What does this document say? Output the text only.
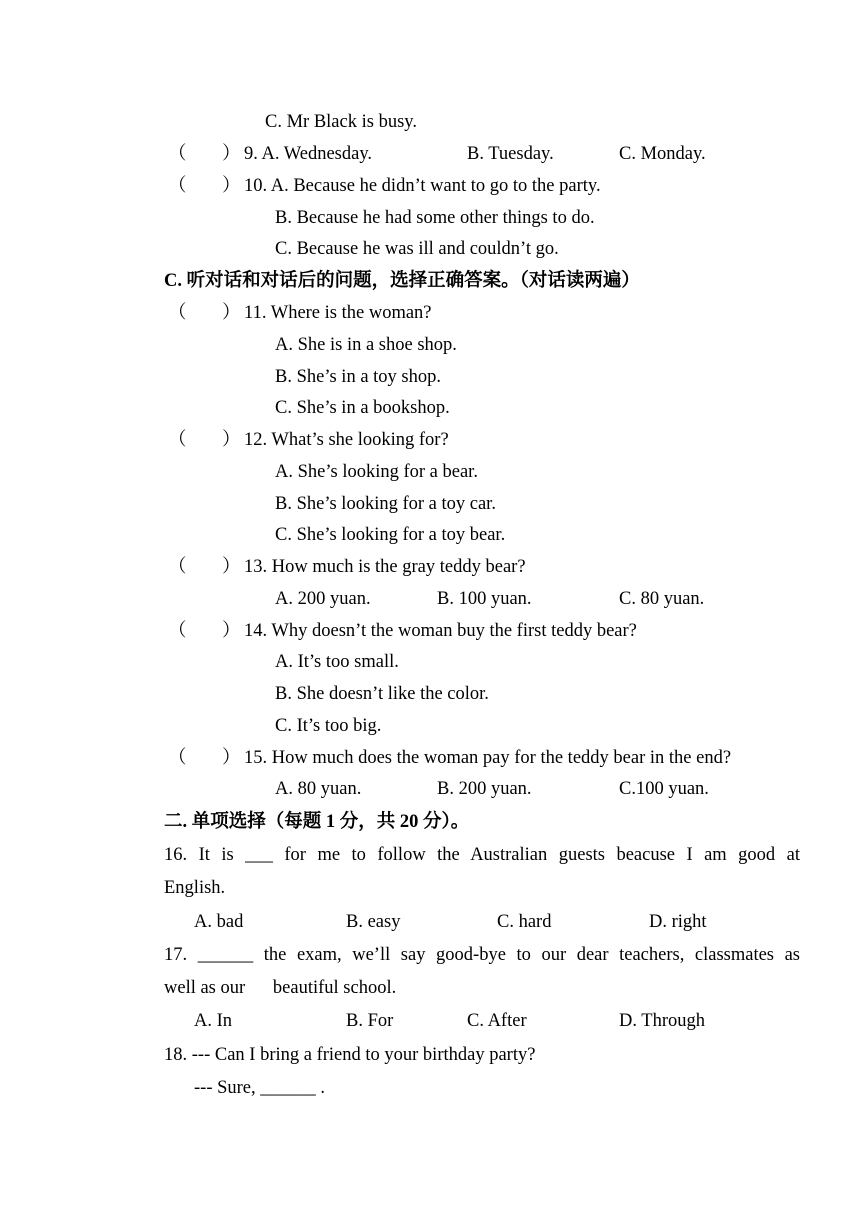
C. Mr Black is busy.
（ ） 9. A. Wednesday.	B. Tuesday.	C. Monday.
（ ） 10. A. Because he didn’t want to go to the party.
B. Because he had some other things to do.
C. Because he was ill and couldn’t go.
C. 听对话和对话后的问题，选择正确答案。（对话读两遍）
（ ） 11. Where is the woman?
A. She is in a shoe shop.
B. She’s in a toy shop.
C. She’s in a bookshop.
（ ） 12. What’s she looking for?
A. She’s looking for a bear.
B. She’s looking for a toy car.
C. She’s looking for a toy bear.
（ ） 13. How much is the gray teddy bear?
A. 200 yuan.	B. 100 yuan.	C. 80 yuan.
（ ） 14. Why doesn’t the woman buy the first teddy bear?
A. It’s too small.
B. She doesn’t like the color.
C. It’s too big.
（ ） 15. How much does the woman pay for the teddy bear in the end?
A. 80 yuan.	B. 200 yuan.	C.100 yuan.
二. 单项选择（每题 1 分，共 20 分）。
16. It is ___ for me to follow the Australian guests beacuse I am good at
English.
A. bad	B. easy	C. hard	D. right
17. ______ the exam, we’ll say good-bye to our dear teachers, classmates as
well as our      beautiful school.
A. In	B. For	C. After	D. Through
18. --- Can I bring a friend to your birthday party?
--- Sure, ______ .
